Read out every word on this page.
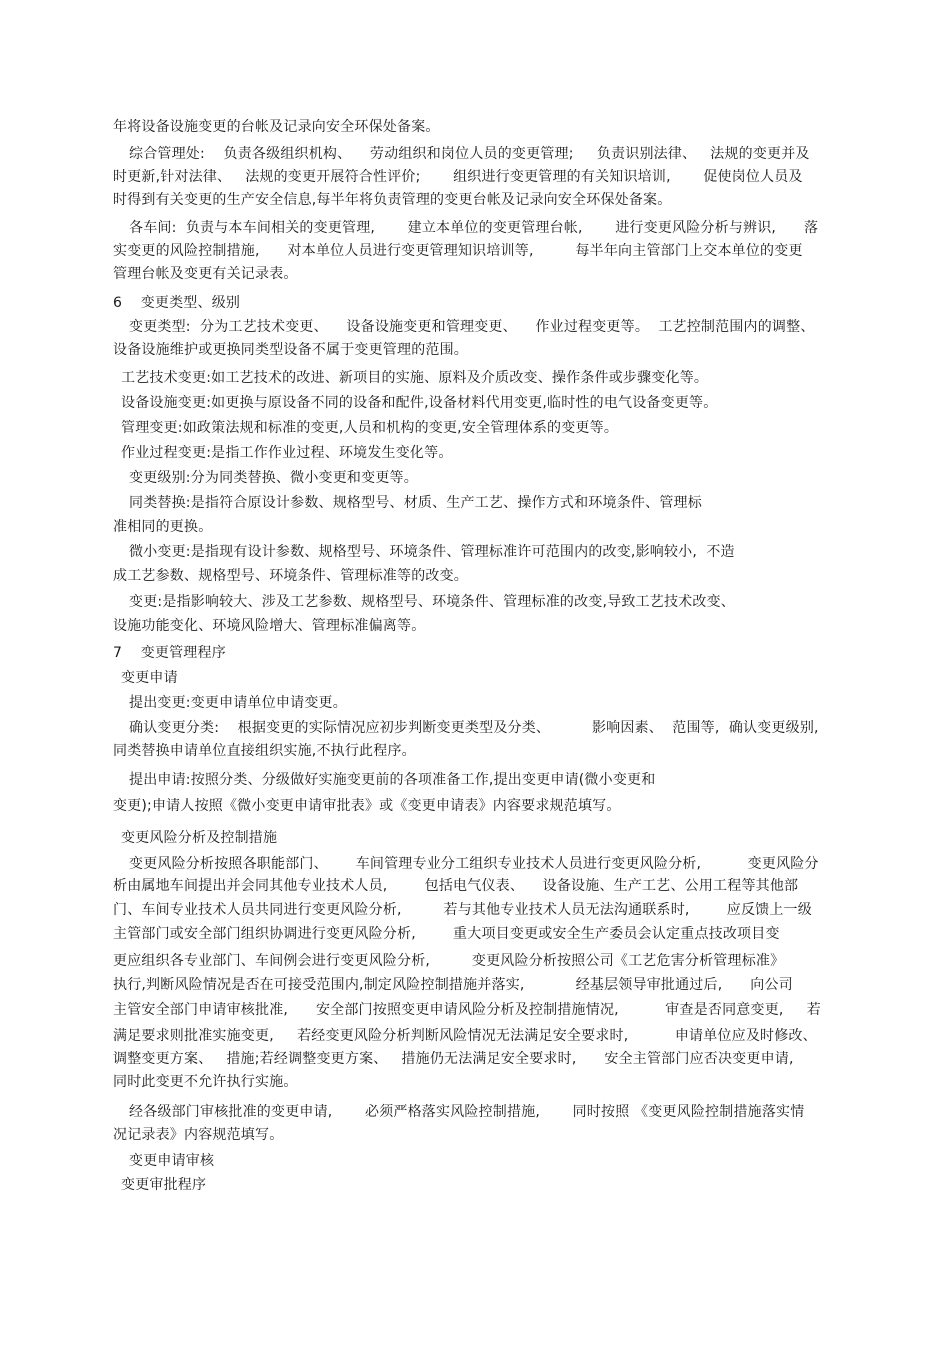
年将设备设施变更的台帐及记录向安全环保处备案。
综合管理处:    负责各级组织机构、    劳动组织和岗位人员的变更管理;     负责识别法律、   法规的变更并及
时更新,针对法律、   法规的变更开展符合性评价;       组织进行变更管理的有关知识培训,       促使岗位人员及
时得到有关变更的生产安全信息,每半年将负责管理的变更台帐及记录向安全环保处备案。
各车间:  负责与本车间相关的变更管理,       建立本单位的变更管理台帐,       进行变更风险分析与辨识,      落
实变更的风险控制措施,      对本单位人员进行变更管理知识培训等,         每半年向主管部门上交本单位的变更
管理台帐及变更有关记录表。
6    变更类型、级别
变更类型:  分为工艺技术变更、    设备设施变更和管理变更、    作业过程变更等。  工艺控制范围内的调整、
设备设施维护或更换同类型设备不属于变更管理的范围。
工艺技术变更:如工艺技术的改进、新项目的实施、原料及介质改变、操作条件或步骤变化等。
设备设施变更:如更换与原设备不同的设备和配件,设备材料代用变更,临时性的电气设备变更等。
管理变更:如政策法规和标准的变更,人员和机构的变更,安全管理体系的变更等。
作业过程变更:是指工作作业过程、环境发生变化等。
变更级别:分为同类替换、微小变更和变更等。
同类替换:是指符合原设计参数、规格型号、材质、生产工艺、操作方式和环境条件、管理标
准相同的更换。
微小变更:是指现有设计参数、规格型号、环境条件、管理标准许可范围内的改变,影响较小,  不造
成工艺参数、规格型号、环境条件、管理标准等的改变。
变更:是指影响较大、涉及工艺参数、规格型号、环境条件、管理标准的改变,导致工艺技术改变、
设施功能变化、环境风险增大、管理标准偏离等。
7    变更管理程序
变更申请
提出变更:变更申请单位申请变更。
确认变更分类:    根据变更的实际情况应初步判断变更类型及分类、         影响因素、  范围等,  确认变更级别,
同类替换申请单位直接组织实施,不执行此程序。
提出申请:按照分类、分级做好实施变更前的各项准备工作,提出变更申请(微小变更和
变更);申请人按照《微小变更申请审批表》或《变更申请表》内容要求规范填写。
变更风险分析及控制措施
变更风险分析按照各职能部门、      车间管理专业分工组织专业技术人员进行变更风险分析,          变更风险分
析由属地车间提出并会同其他专业技术人员,        包括电气仪表、    设备设施、生产工艺、公用工程等其他部
门、车间专业技术人员共同进行变更风险分析,         若与其他专业技术人员无法沟通联系时,        应反馈上一级
主管部门或安全部门组织协调进行变更风险分析,        重大项目变更或安全生产委员会认定重点技改项目变
更应组织各专业部门、车间例会进行变更风险分析,         变更风险分析按照公司《工艺危害分析管理标准》
执行,判断风险情况是否在可接受范围内,制定风险控制措施并落实,           经基层领导审批通过后,      向公司
主管安全部门申请审核批准,      安全部门按照变更申请风险分析及控制措施情况,          审查是否同意变更,     若
满足要求则批准实施变更,     若经变更风险分析判断风险情况无法满足安全要求时,          申请单位应及时修改、
调整变更方案、   措施;若经调整变更方案、   措施仍无法满足安全要求时,      安全主管部门应否决变更申请,
同时此变更不允许执行实施。
经各级部门审核批准的变更申请,       必须严格落实风险控制措施,       同时按照 《变更风险控制措施落实情
况记录表》内容规范填写。
变更申请审核
变更审批程序
